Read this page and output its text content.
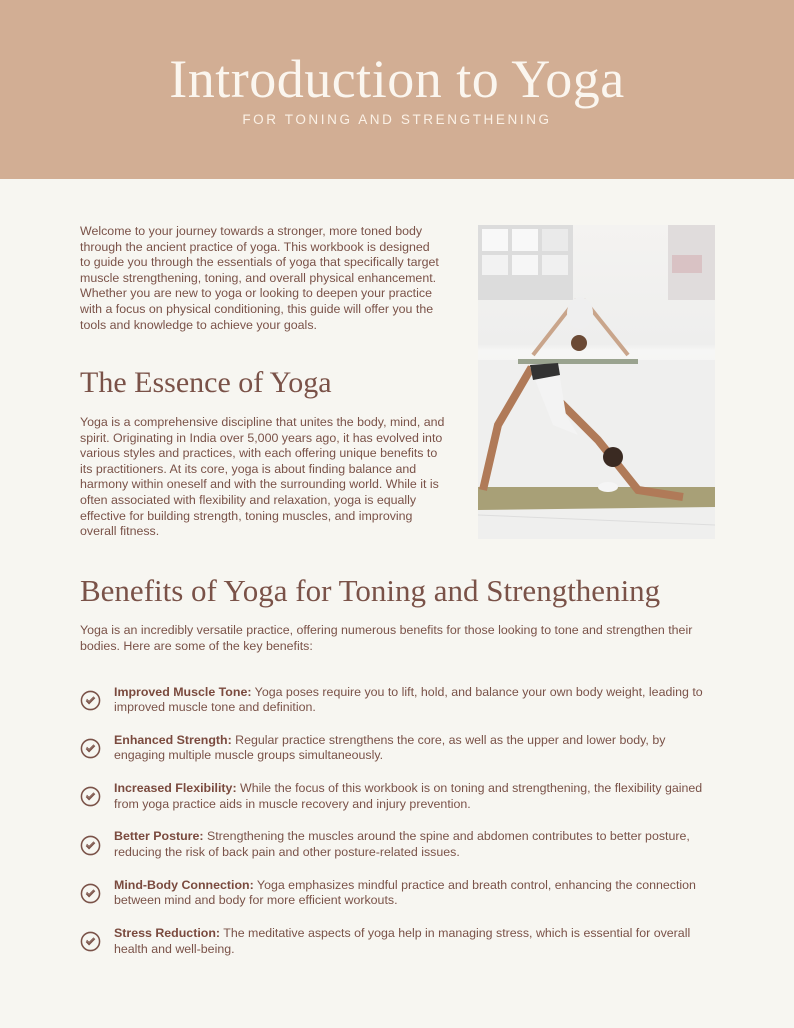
Introduction to Yoga
FOR TONING AND STRENGTHENING

Welcome to your journey towards a stronger, more toned body through the ancient practice of yoga. This workbook is designed to guide you through the essentials of yoga that specifically target muscle strengthening, toning, and overall physical enhancement. Whether you are new to yoga or looking to deepen your practice with a focus on physical conditioning, this guide will offer you the tools and knowledge to achieve your goals.

The Essence of Yoga

Yoga is a comprehensive discipline that unites the body, mind, and spirit. Originating in India over 5,000 years ago, it has evolved into various styles and practices, with each offering unique benefits to its practitioners. At its core, yoga is about finding balance and harmony within oneself and with the surrounding world. While it is often associated with flexibility and relaxation, yoga is equally effective for building strength, toning muscles, and improving overall fitness.

Benefits of Yoga for Toning and Strengthening

Yoga is an incredibly versatile practice, offering numerous benefits for those looking to tone and strengthen their bodies. Here are some of the key benefits:

Improved Muscle Tone: Yoga poses require you to lift, hold, and balance your own body weight, leading to improved muscle tone and definition.

Enhanced Strength: Regular practice strengthens the core, as well as the upper and lower body, by engaging multiple muscle groups simultaneously.

Increased Flexibility: While the focus of this workbook is on toning and strengthening, the flexibility gained from yoga practice aids in muscle recovery and injury prevention.

Better Posture: Strengthening the muscles around the spine and abdomen contributes to better posture, reducing the risk of back pain and other posture-related issues.

Mind-Body Connection: Yoga emphasizes mindful practice and breath control, enhancing the connection between mind and body for more efficient workouts.

Stress Reduction: The meditative aspects of yoga help in managing stress, which is essential for overall health and well-being.
